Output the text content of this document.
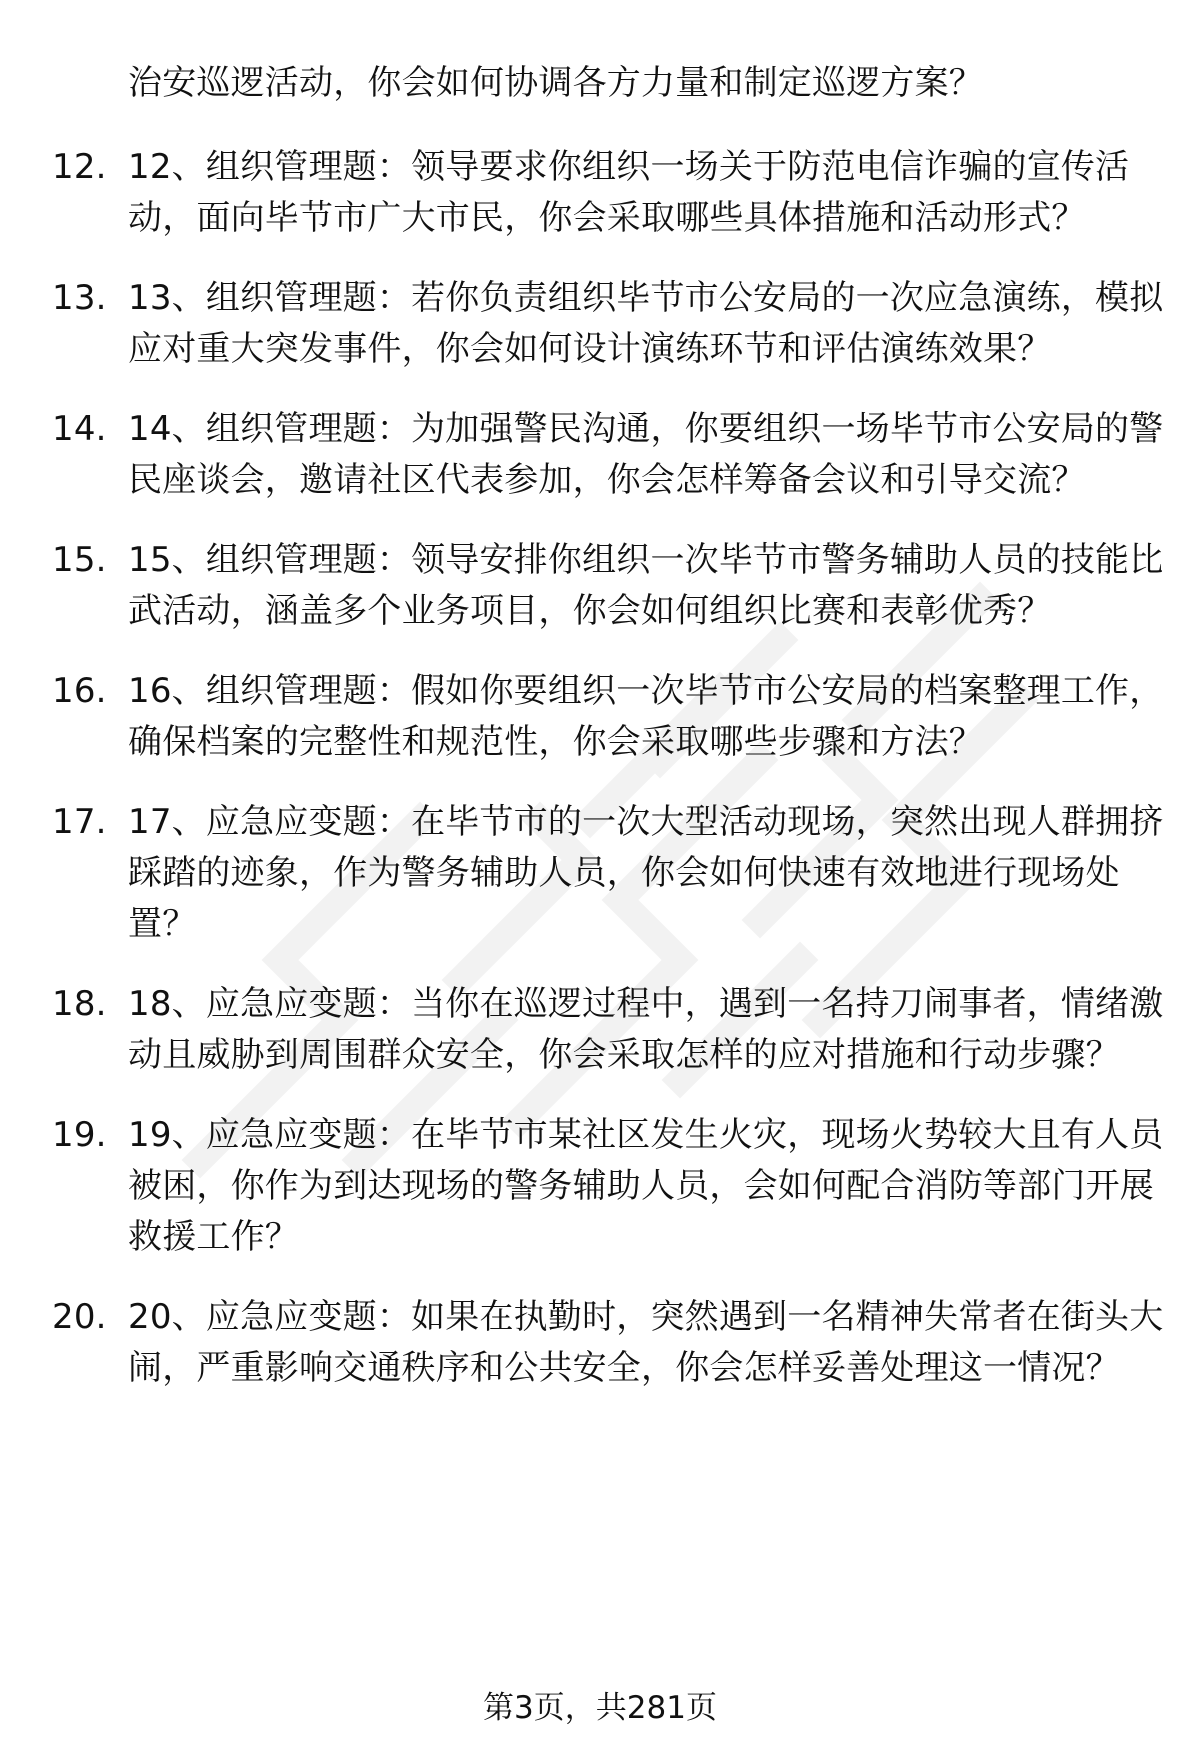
治安巡逻活动，你会如何协调各方力量和制定巡逻方案？
12. 12、组织管理题：领导要求你组织一场关于防范电信诈骗的宣传活动，面向毕节市广大市民，你会采取哪些具体措施和活动形式？
13. 13、组织管理题：若你负责组织毕节市公安局的一次应急演练，模拟应对重大突发事件，你会如何设计演练环节和评估演练效果？
14. 14、组织管理题：为加强警民沟通，你要组织一场毕节市公安局的警民座谈会，邀请社区代表参加，你会怎样筹备会议和引导交流？
15. 15、组织管理题：领导安排你组织一次毕节市警务辅助人员的技能比武活动，涵盖多个业务项目，你会如何组织比赛和表彰优秀？
16. 16、组织管理题：假如你要组织一次毕节市公安局的档案整理工作，确保档案的完整性和规范性，你会采取哪些步骤和方法？
17. 17、应急应变题：在毕节市的一次大型活动现场，突然出现人群拥挤踩踏的迹象，作为警务辅助人员，你会如何快速有效地进行现场处置？
18. 18、应急应变题：当你在巡逻过程中，遇到一名持刀闹事者，情绪激动且威胁到周围群众安全，你会采取怎样的应对措施和行动步骤？
19. 19、应急应变题：在毕节市某社区发生火灾，现场火势较大且有人员被困，你作为到达现场的警务辅助人员，会如何配合消防等部门开展救援工作？
20. 20、应急应变题：如果在执勤时，突然遇到一名精神失常者在街头大闹，严重影响交通秩序和公共安全，你会怎样妥善处理这一情况？
第3页，共281页
